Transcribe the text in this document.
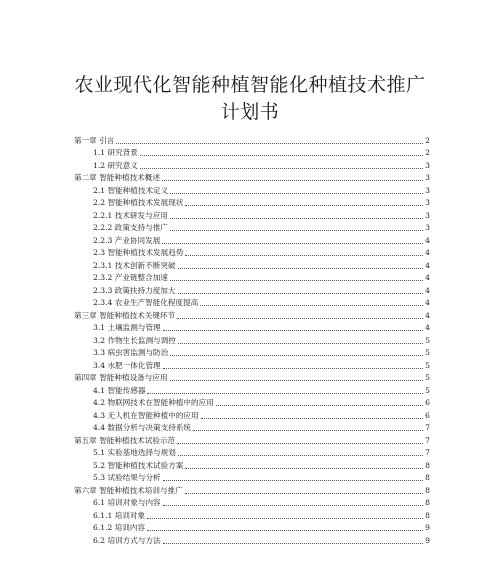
农业现代化智能种植智能化种植技术推广
计划书
第一章 引言	2
1.1 研究背景	2
1.2 研究意义	3
第二章 智能种植技术概述	3
2.1 智能种植技术定义	3
2.2 智能种植技术发展现状	3
2.2.1 技术研发与应用	3
2.2.2 政策支持与推广	3
2.2.3 产业协同发展	4
2.3 智能种植技术发展趋势	4
2.3.1 技术创新不断突破	4
2.3.2 产业链整合加速	4
2.3.3 政策扶持力度加大	4
2.3.4 农业生产智能化程度提高	4
第三章 智能种植技术关键环节	4
3.1 土壤监测与管理	4
3.2 作物生长监测与调控	5
3.3 病虫害监测与防治	5
3.4 水肥一体化管理	5
第四章 智能种植设备与应用	5
4.1 智能传感器	5
4.2 物联网技术在智能种植中的应用	6
4.3 无人机在智能种植中的应用	6
4.4 数据分析与决策支持系统	7
第五章 智能种植技术试验示范	7
5.1 实验基地选择与规划	7
5.2 智能种植技术试验方案	8
5.3 试验结果与分析	8
第六章 智能种植技术培训与推广	8
6.1 培训对象与内容	8
6.1.1 培训对象	8
6.1.2 培训内容	9
6.2 培训方式与方法	9
